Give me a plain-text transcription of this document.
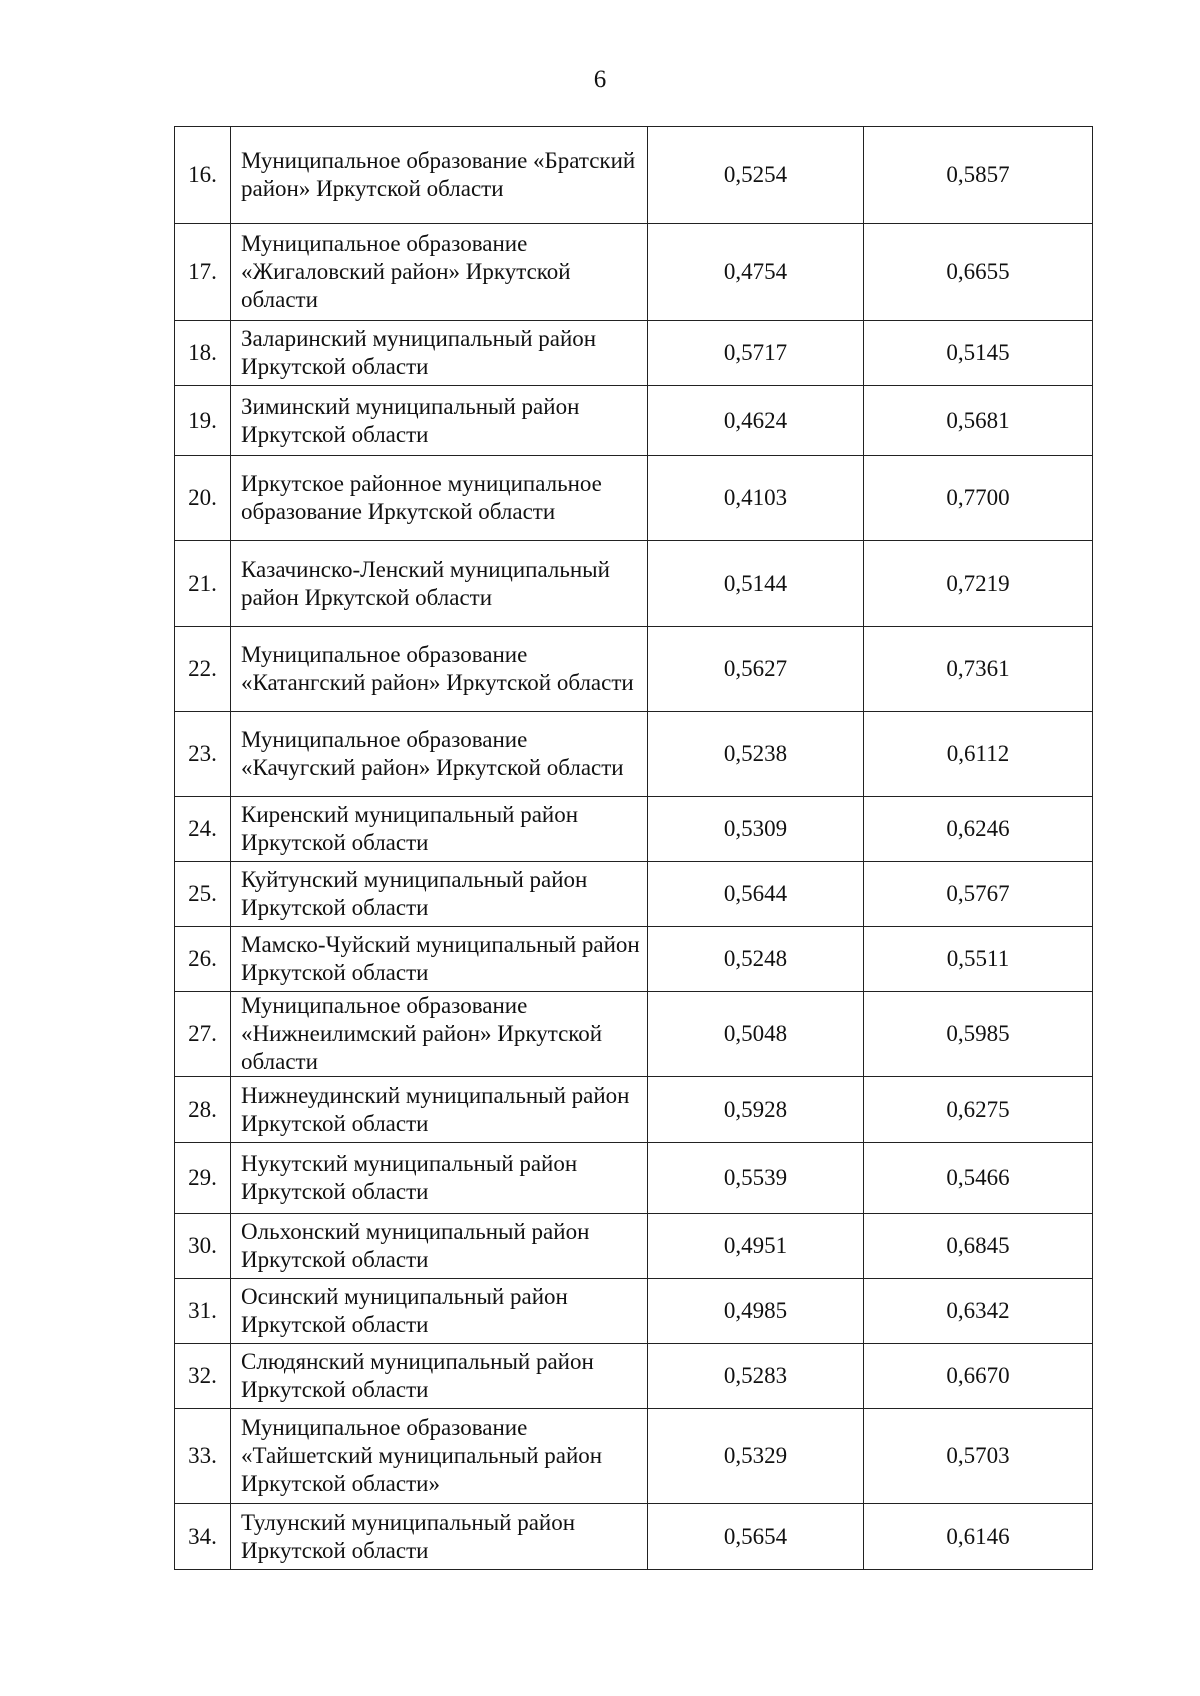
6
16.	Муниципальное образование «Братский район» Иркутской области	0,5254	0,5857
17.	Муниципальное образование «Жигаловский район» Иркутской области	0,4754	0,6655
18.	Заларинский муниципальный район Иркутской области	0,5717	0,5145
19.	Зиминский муниципальный район Иркутской области	0,4624	0,5681
20.	Иркутское районное муниципальное образование Иркутской области	0,4103	0,7700
21.	Казачинско-Ленский муниципальный район Иркутской области	0,5144	0,7219
22.	Муниципальное образование «Катангский район» Иркутской области	0,5627	0,7361
23.	Муниципальное образование «Качугский район» Иркутской области	0,5238	0,6112
24.	Киренский муниципальный район Иркутской области	0,5309	0,6246
25.	Куйтунский муниципальный район Иркутской области	0,5644	0,5767
26.	Мамско-Чуйский муниципальный район Иркутской области	0,5248	0,5511
27.	Муниципальное образование «Нижнеилимский район» Иркутской области	0,5048	0,5985
28.	Нижнеудинский муниципальный район Иркутской области	0,5928	0,6275
29.	Нукутский муниципальный район Иркутской области	0,5539	0,5466
30.	Ольхонский муниципальный район Иркутской области	0,4951	0,6845
31.	Осинский муниципальный район Иркутской области	0,4985	0,6342
32.	Слюдянский муниципальный район Иркутской области	0,5283	0,6670
33.	Муниципальное образование «Тайшетский муниципальный район Иркутской области»	0,5329	0,5703
34.	Тулунский муниципальный район Иркутской области	0,5654	0,6146
